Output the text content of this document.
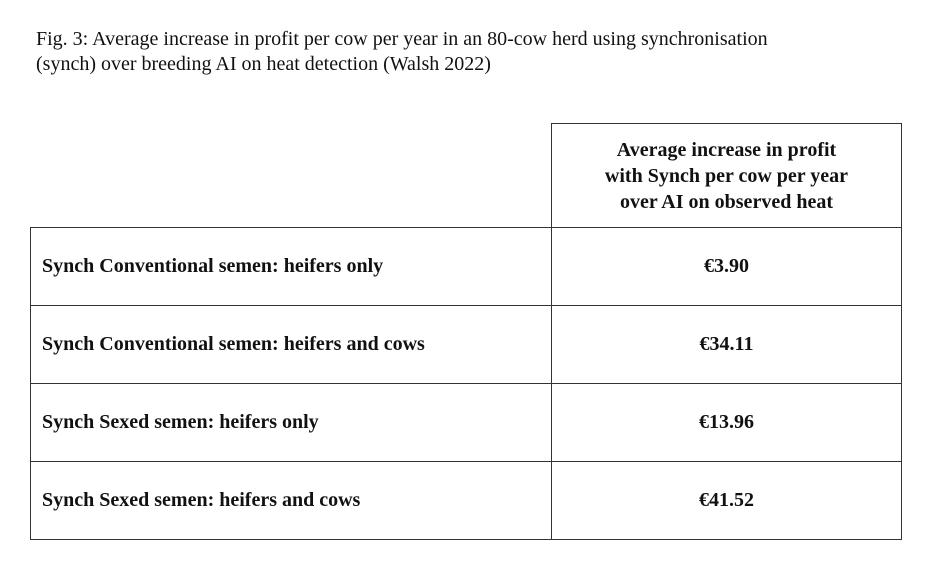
Fig. 3: Average increase in profit per cow per year in an 80-cow herd using synchronisation
(synch) over breeding AI on heat detection (Walsh 2022)

	Average increase in profit
with Synch per cow per year
over AI on observed heat

Synch Conventional semen: heifers only	€3.90
Synch Conventional semen: heifers and cows	€34.11
Synch Sexed semen: heifers only	€13.96
Synch Sexed semen: heifers and cows	€41.52
